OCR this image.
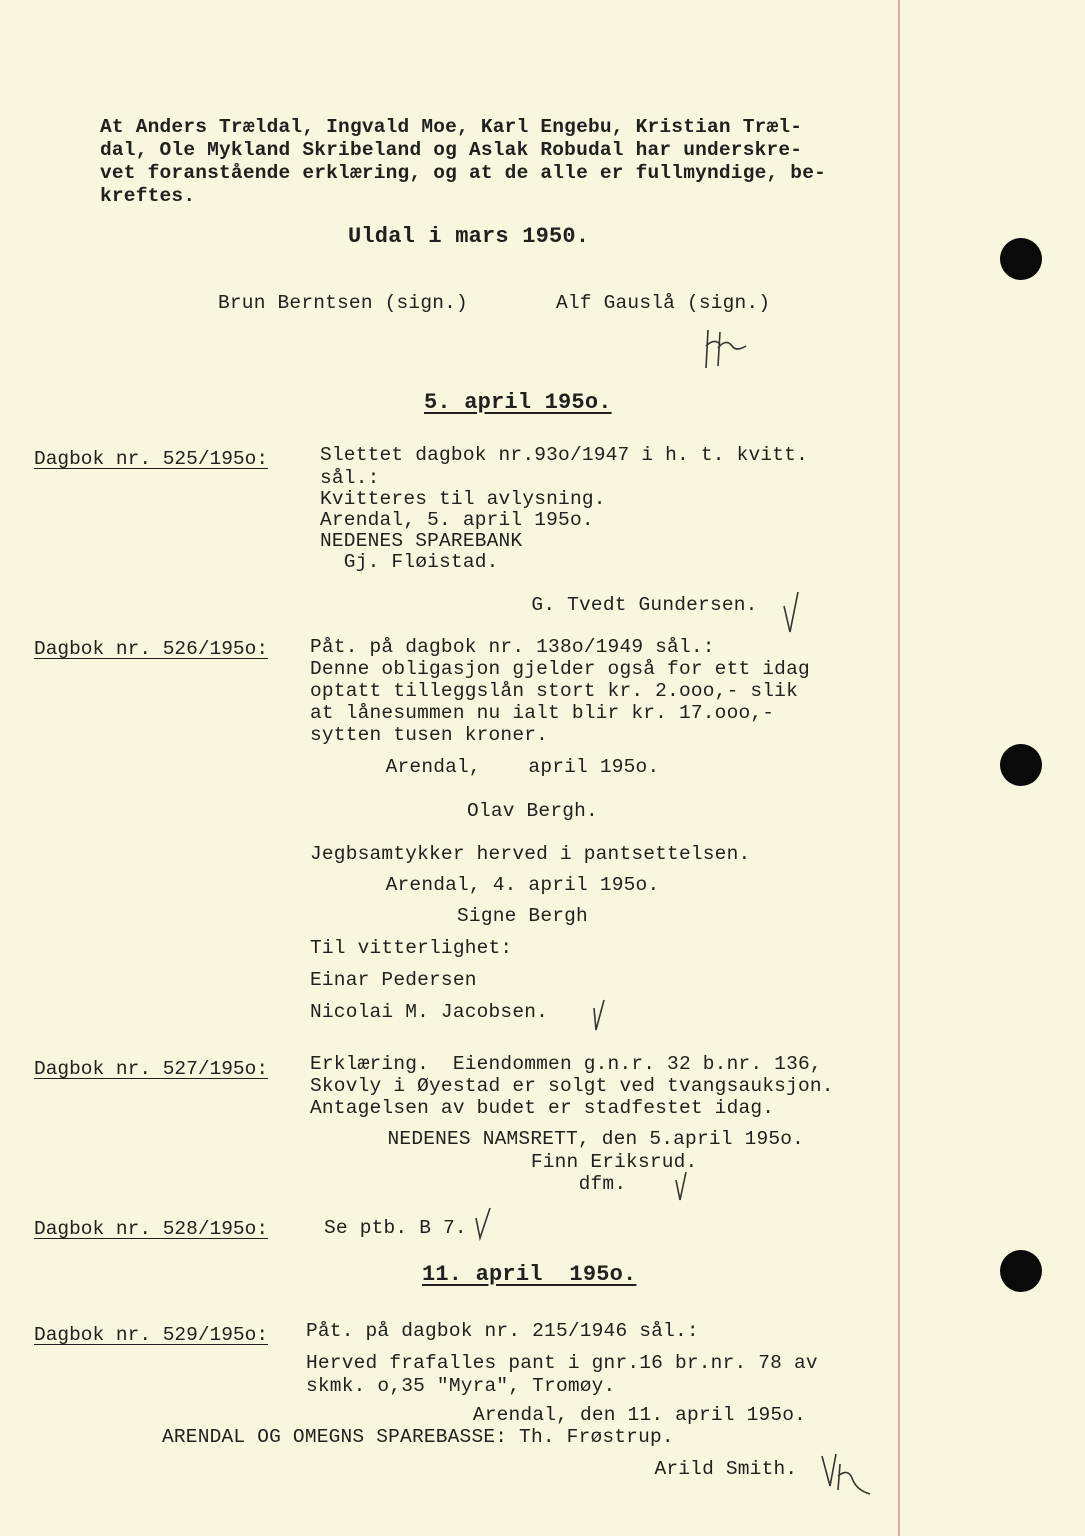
At Anders Trældal, Ingvald Moe, Karl Engebu, Kristian Træl-
dal, Ole Mykland Skribeland og Aslak Robudal har underskre-
vet foranstående erklæring, og at de alle er fullmyndige, be-
kreftes.
Uldal i mars 1950.
Brun Berntsen (sign.)	Alf Gauslå (sign.)
5. april 195o.
Dagbok nr. 525/195o:	Slettet dagbok nr.93o/1947 i h. t. kvitt.
sål.:
Kvitteres til avlysning.
Arendal, 5. april 195o.
NEDENES SPAREBANK
Gj. Fløistad.
G. Tvedt Gundersen.
Dagbok nr. 526/195o: Påt. på dagbok nr. 138o/1949 sål.:
Denne obligasjon gjelder også for ett idag
optatt tilleggslån stort kr. 2.ooo,- slik
at lånesummen nu ialt blir kr. 17.ooo,-
sytten tusen kroner.
Arendal,    april 195o.
Olav Bergh.
Jegbsamtykker herved i pantsettelsen.
Arendal, 4. april 195o.
Signe Bergh
Til vitterlighet:
Einar Pedersen
Nicolai M. Jacobsen.
Dagbok nr. 527/195o: Erklæring.  Eiendommen g.n.r. 32 b.nr. 136,
Skovly i Øyestad er solgt ved tvangsauksjon.
Antagelsen av budet er stadfestet idag.
NEDENES NAMSRETT, den 5.april 195o.
Finn Eriksrud.
dfm.
Dagbok nr. 528/195o:	Se ptb. B 7.
11. april  195o.
Dagbok nr. 529/195o: Påt. på dagbok nr. 215/1946 sål.:
Herved frafalles pant i gnr.16 br.nr. 78 av
skmk. o,35 "Myra", Tromøy.
Arendal, den 11. april 195o.
ARENDAL OG OMEGNS SPAREBASSE: Th. Frøstrup.
Arild Smith.
